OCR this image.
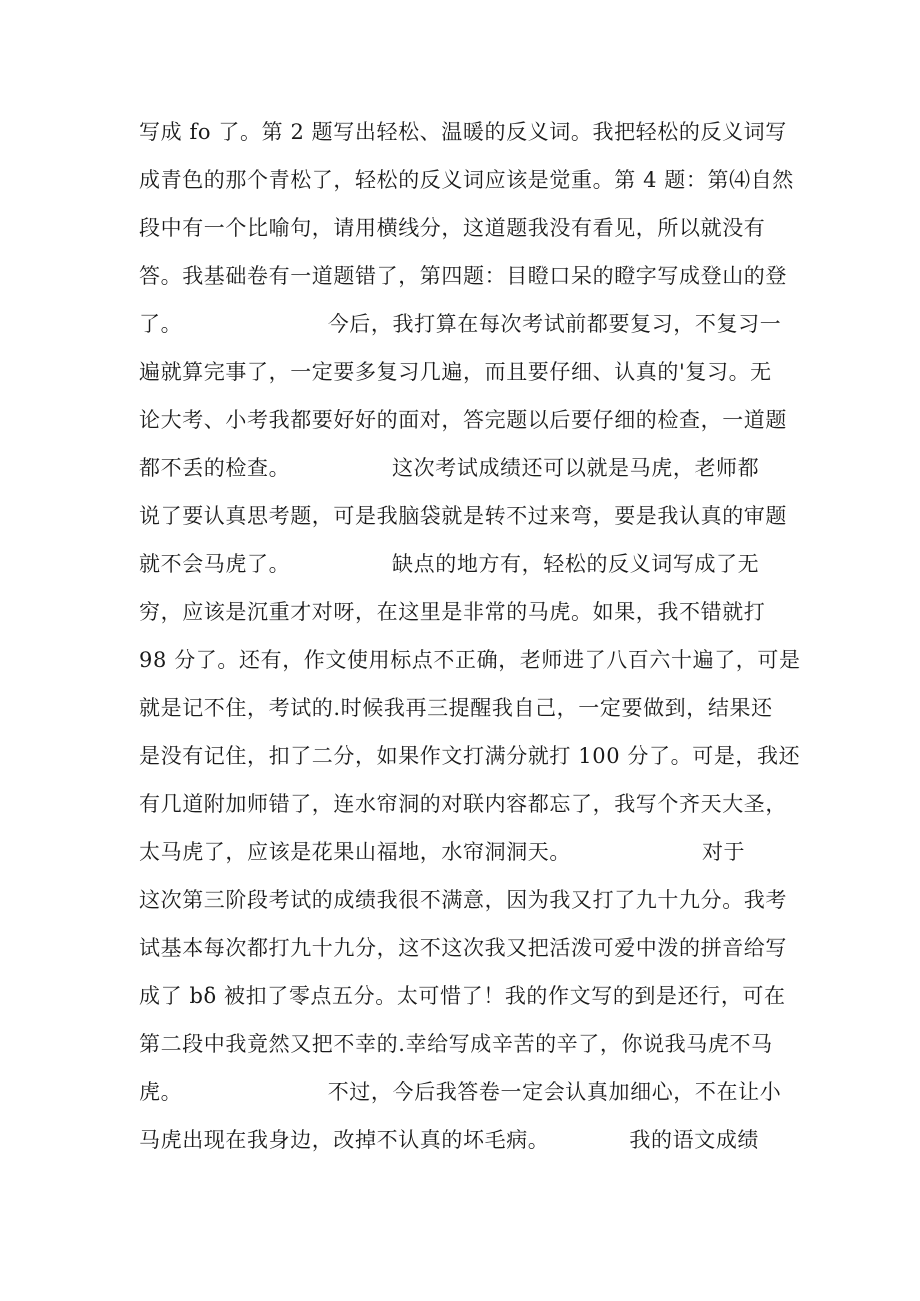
写成 fo 了。第 2 题写出轻松、温暖的反义词。我把轻松的反义词写
成青色的那个青松了，轻松的反义词应该是觉重。第 4 题：第⑷自然
段中有一个比喻句，请用横线分，这道题我没有看见，所以就没有
答。我基础卷有一道题错了，第四题：目瞪口呆的瞪字写成登山的登
了。                    今后，我打算在每次考试前都要复习，不复习一
遍就算完事了，一定要多复习几遍，而且要仔细、认真的'复习。无
论大考、小考我都要好好的面对，答完题以后要仔细的检查，一道题
都不丢的检查。              这次考试成绩还可以就是马虎，老师都
说了要认真思考题，可是我脑袋就是转不过来弯，要是我认真的审题
就不会马虎了。              缺点的地方有，轻松的反义词写成了无
穷，应该是沉重才对呀，在这里是非常的马虎。如果，我不错就打
98 分了。还有，作文使用标点不正确，老师进了八百六十遍了，可是
就是记不住，考试的.时候我再三提醒我自己，一定要做到，结果还
是没有记住，扣了二分，如果作文打满分就打 100 分了。可是，我还
有几道附加师错了，连水帘洞的对联内容都忘了，我写个齐天大圣，
太马虎了，应该是花果山福地，水帘洞洞天。                  对于
这次第三阶段考试的成绩我很不满意，因为我又打了九十九分。我考
试基本每次都打九十九分，这不这次我又把活泼可爱中泼的拼音给写
成了 bδ 被扣了零点五分。太可惜了！我的作文写的到是还行，可在
第二段中我竟然又把不幸的.幸给写成辛苦的辛了，你说我马虎不马
虎。                    不过，今后我答卷一定会认真加细心，不在让小
马虎出现在我身边，改掉不认真的坏毛病。           我的语文成绩
